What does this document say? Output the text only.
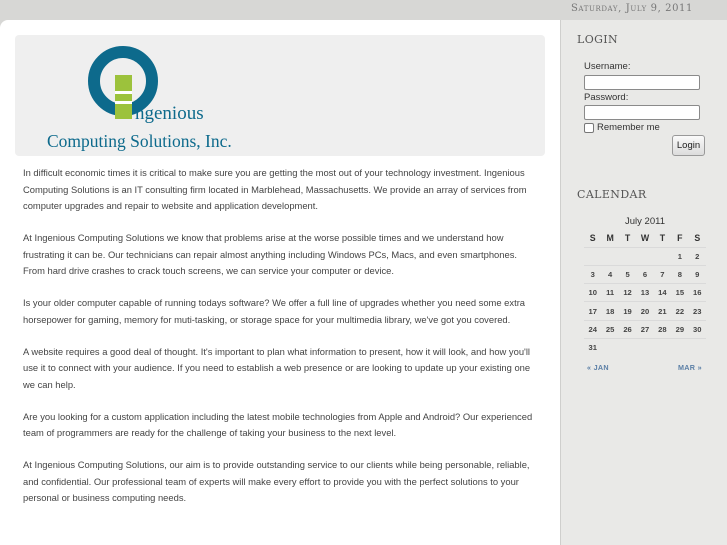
Saturday, July 9, 2011
ngenious
Computing Solutions, Inc.

In difficult economic times it is critical to make sure you are getting the most out of your technology investment. Ingenious Computing Solutions is an IT consulting firm located in Marblehead, Massachusetts. We provide an array of services from computer upgrades and repair to website and application development.

At Ingenious Computing Solutions we know that problems arise at the worse possible times and we understand how frustrating it can be. Our technicians can repair almost anything including Windows PCs, Macs, and even smartphones. From hard drive crashes to crack touch screens, we can service your computer or device.

Is your older computer capable of running todays software? We offer a full line of upgrades whether you need some extra horsepower for gaming, memory for muti-tasking, or storage space for your multimedia library, we've got you covered.

A website requires a good deal of thought. It's important to plan what information to present, how it will look, and how you'll use it to connect with your audience. If you need to establish a web presence or are looking to update up your existing one we can help.

Are you looking for a custom application including the latest mobile technologies from Apple and Android? Our experienced team of programmers are ready for the challenge of taking your business to the next level.

At Ingenious Computing Solutions, our aim is to provide outstanding service to our clients while being personable, reliable, and confidential. Our professional team of experts will make every effort to provide you with the perfect solutions to your personal or business computing needs.

LOGIN
Username:
Password:
Remember me
Login
CALENDAR
July 2011
S	M	T	W	T	F	S
					1	2
3	4	5	6	7	8	9
10	11	12	13	14	15	16
17	18	19	20	21	22	23
24	25	26	27	28	29	30
31						
« JAN	MAR »
